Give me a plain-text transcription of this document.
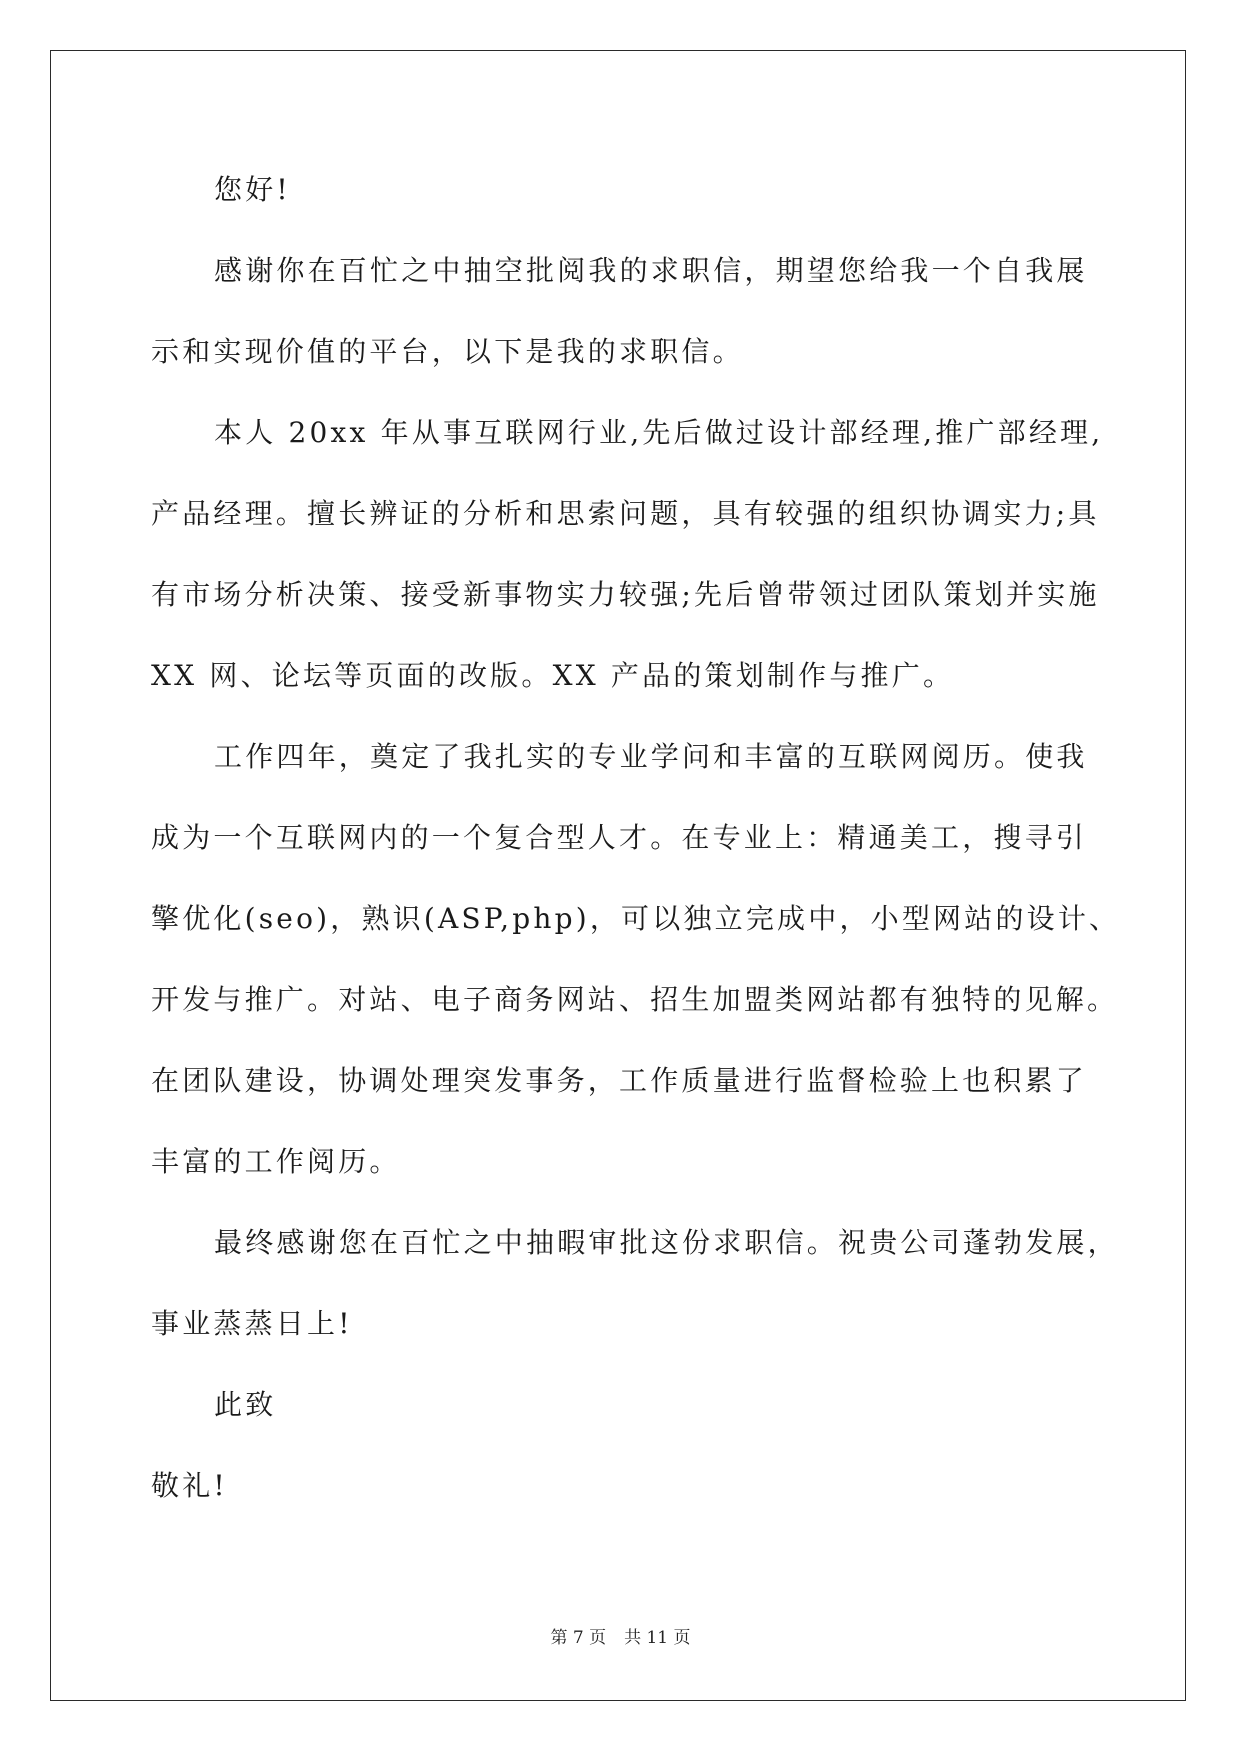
您好!
感谢你在百忙之中抽空批阅我的求职信，期望您给我一个自我展
示和实现价值的平台，以下是我的求职信。
本人 20xx 年从事互联网行业,先后做过设计部经理,推广部经理,
产品经理。擅长辨证的分析和思索问题，具有较强的组织协调实力;具
有市场分析决策、接受新事物实力较强;先后曾带领过团队策划并实施
XX 网、论坛等页面的改版。XX 产品的策划制作与推广。
工作四年，奠定了我扎实的专业学问和丰富的互联网阅历。使我
成为一个互联网内的一个复合型人才。在专业上：精通美工，搜寻引
擎优化(seo)，熟识(ASP,php)，可以独立完成中，小型网站的设计、
开发与推广。对站、电子商务网站、招生加盟类网站都有独特的见解。
在团队建设，协调处理突发事务，工作质量进行监督检验上也积累了
丰富的工作阅历。
最终感谢您在百忙之中抽暇审批这份求职信。祝贵公司蓬勃发展，
事业蒸蒸日上!
此致
敬礼!
第 7 页 共 11 页
